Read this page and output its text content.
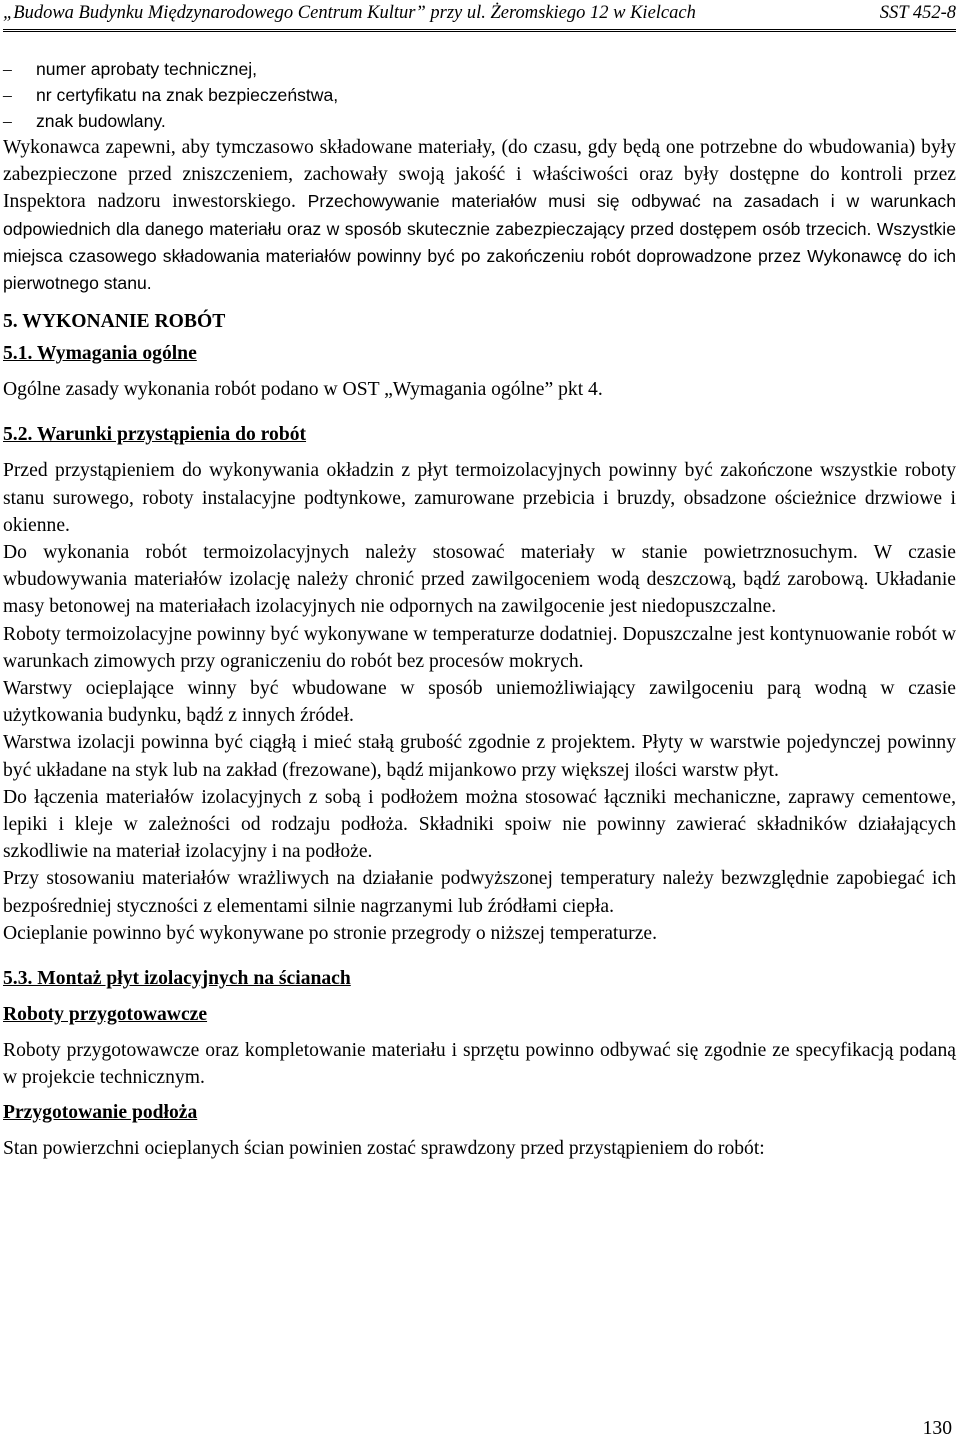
„Budowa Budynku Międzynarodowego Centrum Kultur” przy ul. Żeromskiego 12 w Kielcach	SST 452-8
– numer aprobaty technicznej,
– nr certyfikatu na znak bezpieczeństwa,
– znak budowlany.

Wykonawca zapewni, aby tymczasowo składowane materiały, (do czasu, gdy będą one potrzebne do wbudowania) były zabezpieczone przed zniszczeniem, zachowały swoją jakość i właściwości oraz były dostępne do kontroli przez Inspektora nadzoru inwestorskiego. Przechowywanie materiałów musi się odbywać na zasadach i w warunkach odpowiednich dla danego materiału oraz w sposób skutecznie zabezpieczający przed dostępem osób trzecich. Wszystkie miejsca czasowego składowania materiałów powinny być po zakończeniu robót doprowadzone przez Wykonawcę do ich pierwotnego stanu.

5. WYKONANIE ROBÓT
5.1. Wymagania ogólne

Ogólne zasady wykonania robót podano w OST „Wymagania ogólne” pkt 4.

5.2. Warunki przystąpienia do robót

Przed przystąpieniem do wykonywania okładzin z płyt termoizolacyjnych powinny być zakończone wszystkie roboty stanu surowego, roboty instalacyjne podtynkowe, zamurowane przebicia i bruzdy, obsadzone ościeżnice drzwiowe i okienne.

Do wykonania robót termoizolacyjnych należy stosować materiały w stanie powietrznosuchym. W czasie wbudowywania materiałów izolację należy chronić przed zawilgoceniem wodą deszczową, bądź zarobową. Układanie masy betonowej na materiałach izolacyjnych nie odpornych na zawilgocenie jest niedopuszczalne.

Roboty termoizolacyjne powinny być wykonywane w temperaturze dodatniej. Dopuszczalne jest kontynuowanie robót w warunkach zimowych przy ograniczeniu do robót bez procesów mokrych.

Warstwy ocieplające winny być wbudowane w sposób uniemożliwiający zawilgoceniu parą wodną w czasie użytkowania budynku, bądź z innych źródeł.

Warstwa izolacji powinna być ciągłą i mieć stałą grubość zgodnie z projektem. Płyty w warstwie pojedynczej powinny być układane na styk lub na zakład (frezowane), bądź mijankowo przy większej ilości warstw płyt.

Do łączenia materiałów izolacyjnych z sobą i podłożem można stosować łączniki mechaniczne, zaprawy cementowe, lepiki i kleje w zależności od rodzaju podłoża. Składniki spoiw nie powinny zawierać składników działających szkodliwie na materiał izolacyjny i na podłoże.

Przy stosowaniu materiałów wrażliwych na działanie podwyższonej temperatury należy bezwzględnie zapobiegać ich bezpośredniej styczności z elementami silnie nagrzanymi lub źródłami ciepła.

Ocieplanie powinno być wykonywane po stronie przegrody o niższej temperaturze.

5.3. Montaż płyt izolacyjnych na ścianach
Roboty przygotowawcze

Roboty przygotowawcze oraz kompletowanie materiału i sprzętu powinno odbywać się zgodnie ze specyfikacją podaną w projekcie technicznym.

Przygotowanie podłoża

Stan powierzchni ocieplanych ścian powinien zostać sprawdzony przed przystąpieniem do robót:

130
